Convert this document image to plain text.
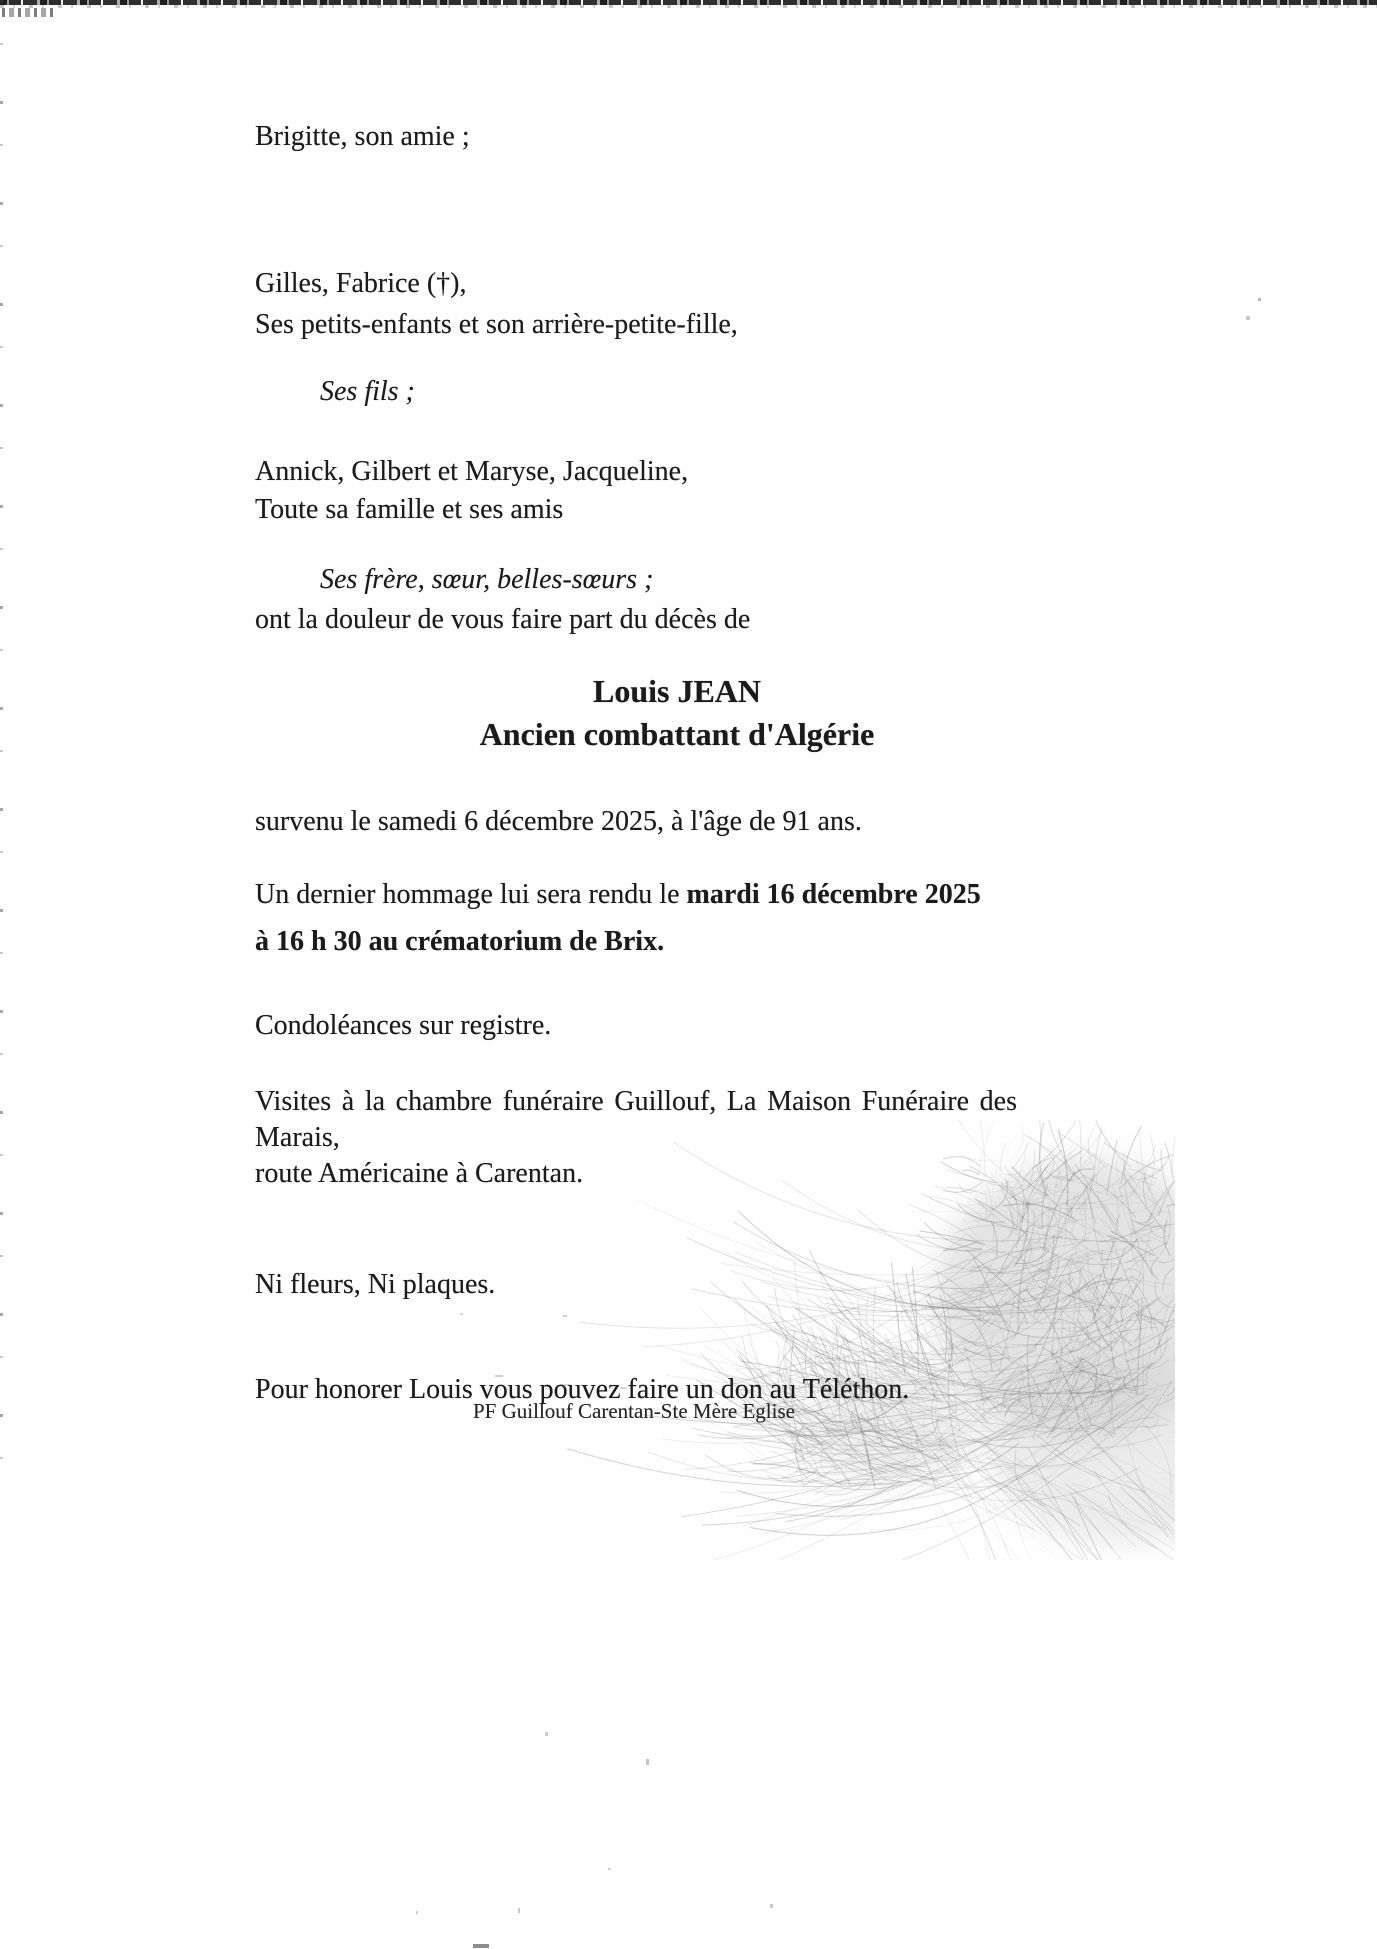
Brigitte, son amie ;

Gilles, Fabrice (†),

Ses fils ;

Ses petits-enfants et son arrière-petite-fille,

Annick, Gilbert et Maryse, Jacqueline,

Ses frère, sœur, belles-sœurs ;

Toute sa famille et ses amis
ont la douleur de vous faire part du décès de
Louis JEAN
Ancien combattant d'Algérie
survenu le samedi 6 décembre 2025, à l'âge de 91 ans.
Un dernier hommage lui sera rendu le mardi 16 décembre 2025
à 16 h 30 au crématorium de Brix.
Condoléances sur registre.
Visites à la chambre funéraire Guillouf, La Maison Funéraire des Marais,
route Américaine à Carentan.

Ni fleurs, Ni plaques.

Pour honorer Louis vous pouvez faire un don au Téléthon.

PF Guillouf Carentan-Ste Mère Eglise
